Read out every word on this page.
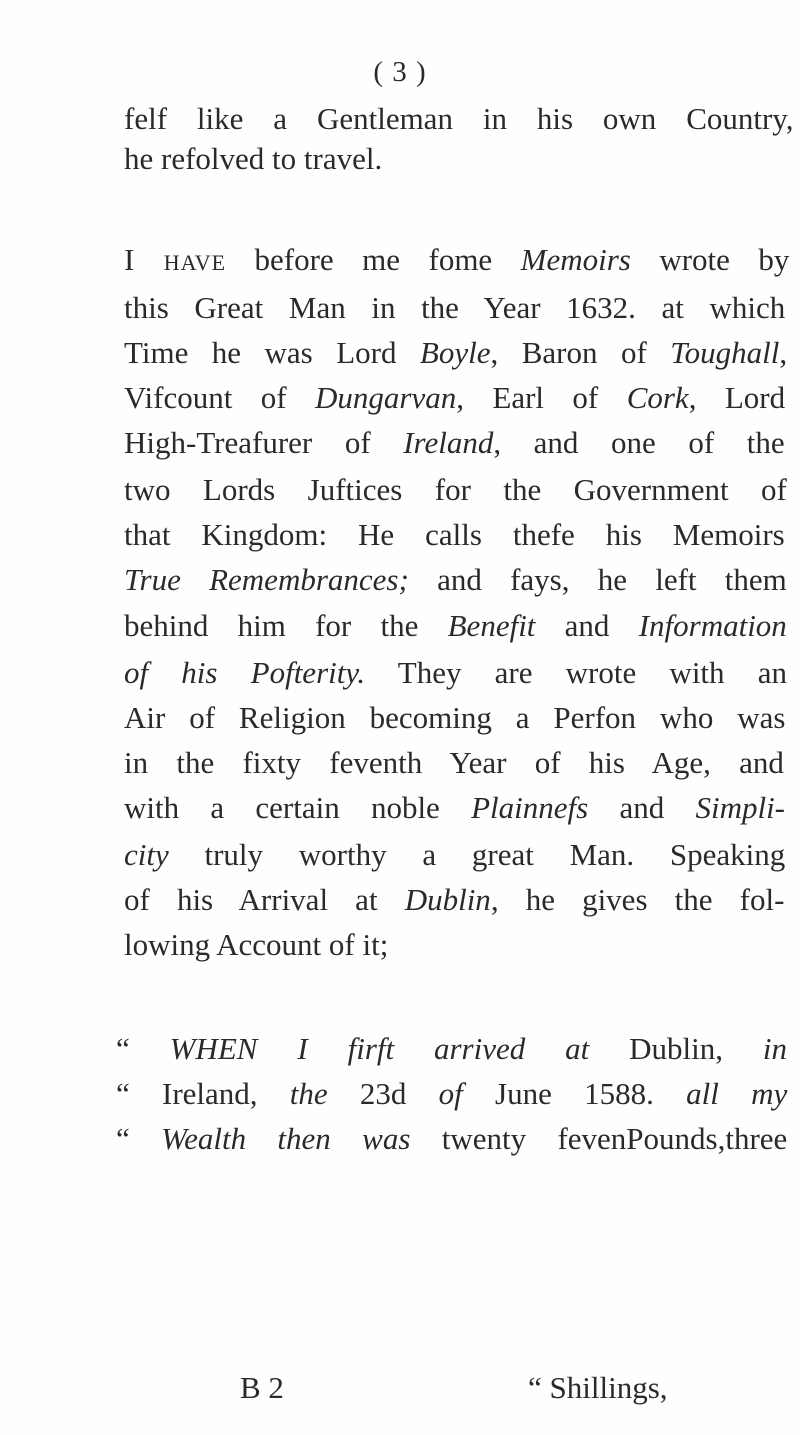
( 3 )
felf like a Gentleman in his own Country,
he refolved to travel.
I have before me fome Memoirs wrote by
this Great Man in the Year 1632. at which
Time he was Lord Boyle, Baron of Toughall,
Vifcount of Dungarvan, Earl of Cork, Lord
High-Treafurer of Ireland, and one of the
two Lords Juftices for the Government of
that Kingdom: He calls thefe his Memoirs
True Remembrances; and fays, he left them
behind him for the Benefit and Information
of his Pofterity. They are wrote with an
Air of Religion becoming a Perfon who was
in the fixty feventh Year of his Age, and
with a certain noble Plainnefs and Simpli-
city truly worthy a great Man. Speaking
of his Arrival at Dublin, he gives the fol-
lowing Account of it;
“ WHEN I firft arrived at Dublin, in
“ Ireland, the 23d of June 1588. all my
“ Wealth then was twenty fevenPounds,three
B 2	“ Shillings,
